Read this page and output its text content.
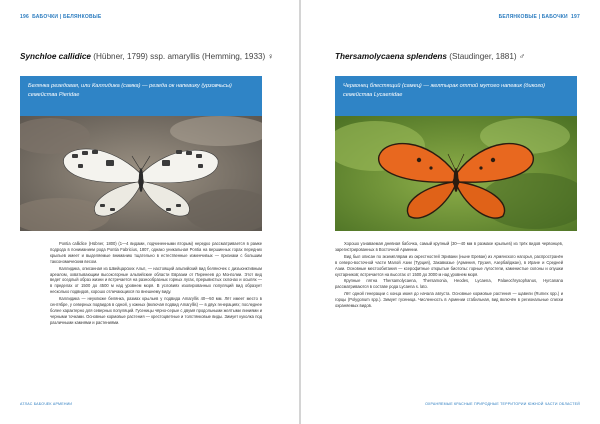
196 БАБОЧКИ | БЕЛЯНКОВЫЕ
Synchloe callidice (Hübner, 1799) ssp. amaryllis (Hemming, 1933) ♀
Белянка резедовая, или Каллидика (самка) — резеда ок напевику (урзовчьсы) семейства Pieridae

Pontia callidice (Hübner, 1800) (1—4 видами, подчиненными вторым) нередко рассматривается в рамке подрода в пониманием рода Pontia Fabricius, 1807, однако уникальная Pontia на вершинных горах передних крыльев имеет и выделяемые вниманию тщательно в естественные изменчивых — признаки с большим таксономическим весом.

Каллидика, описанная из Швейцарских Альп, — настоящий альпийский вид беляночек с дизъюнктивным ареалом, охватывающим высокогорные альпийские области Евразии от Пиренеев до Монголии. Этот вид ведет оседлый образ жизни и встречается на разнообразных горных лугах, прерывистых склонах и осыпях — в пределах от 1500 до 4500 м над уровнем моря. В условиях изолированных популяций вид образует несколько подвидов, хорошо отличающихся по внешнему виду.

Каллидика — неуклюже белянка, размах крыльев у подвида Amaryllis 40—50 мм. Лёт имеет место в сентябре, у северных подвидов в одной, у южных (включая подвид Amaryllis) — в двух генерациях; последнее более характерно для северных популяций. Гусеницы чёрно-серые с двумя продольными желтыми линиями и черными точками. Основные кормовые растения — крестоцветные и толстянковые виды. Зимует куколка под различными камнями и растениями.

АТЛАС БАБОЧЕК АРМЕНИИ
БЕЛЯНКОВЫЕ | БАБОЧКИ 197
Thersamolycaena splendens (Staudinger, 1881) ♂
Червонец блестящий (самец) — желтырак оттой мутэго напевик (дикого) семейства Lycaenidae

Хорошо узнаваемая дневная бабочка, самый крупный (30—40 мм в размахе крыльев) из трёх видов червонцев, зарегистрированных в Восточной Армении.

Вид был описан по экземплярам из окрестностей Эривани (ныне Ереван) из Армянского нагорья, распространён в северо-восточной части Малой Азии (Турция), Закавказье (Армения, Грузия, Азербайджан), в Иране и Средней Азии. Основные местообитания — ксерофитные открытые биотопы: горные лугостепи, каменистые склоны и опушки кустарников; встречается на высотах от 1500 до 3000 м над уровнем моря.

Крупные пятна Thersamolycaena, Thersamonia, Heodes, Lycaena, Palaeochrysophanus, Hyrcanana рассматриваются в составе рода Lycaena s. lato.

Лёт одной генерации с конца июня до начала августа. Основные кормовые растения — щавели (Rumex spp.) и горцы (Polygonum spp.). Зимует гусеница. Численность в Армении стабильная, вид включён в региональные списки охраняемых видов.

ОХРАНЯЕМЫЕ КРАСНЫЕ ПРИРОДНЫЕ ТЕРРИТОРИИ ЮЖНОЙ ЧАСТИ ОБЛАСТЕЙ
